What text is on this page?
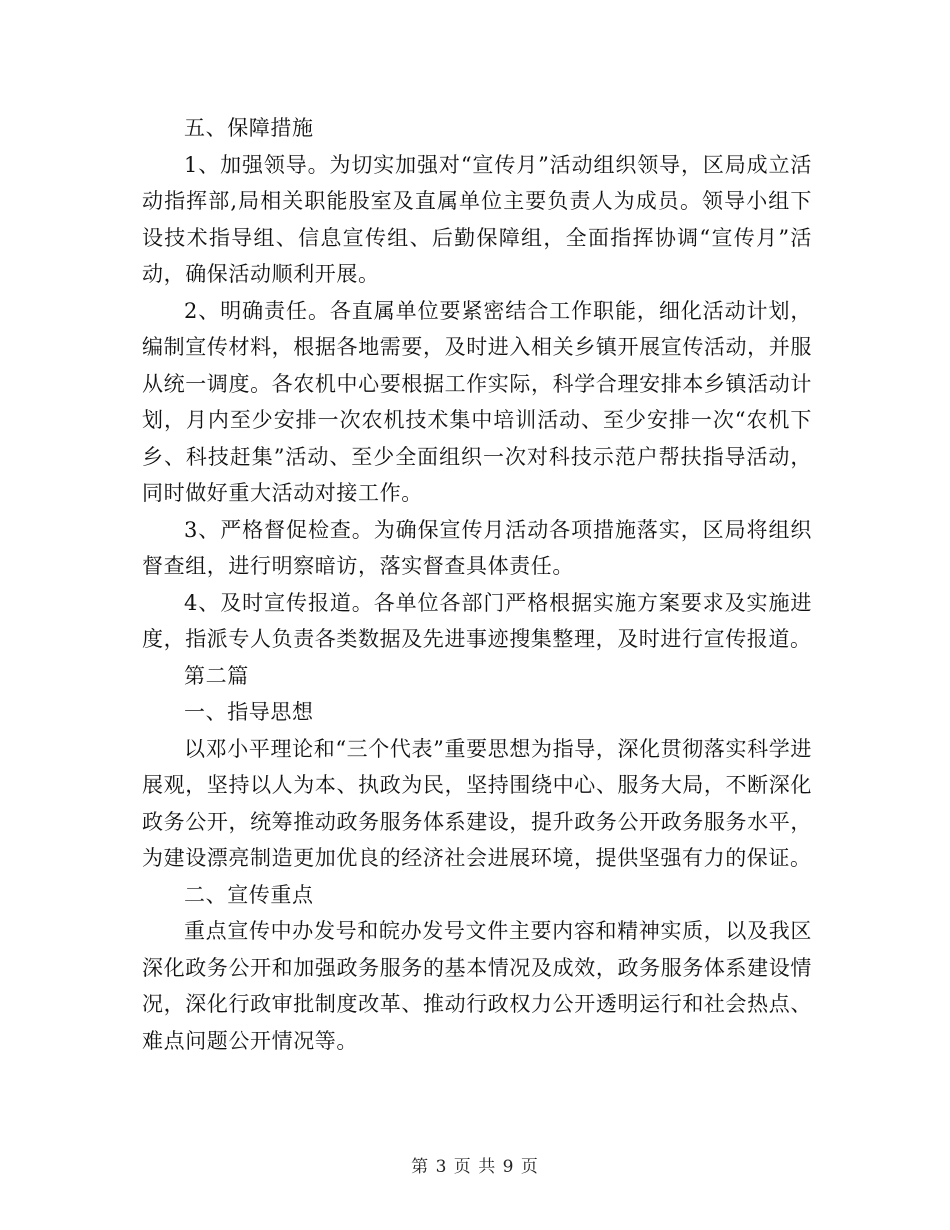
五、保障措施

1、加强领导。为切实加强对“宣传月”活动组织领导，区局成立活动指挥部,局相关职能股室及直属单位主要负责人为成员。领导小组下设技术指导组、信息宣传组、后勤保障组，全面指挥协调“宣传月”活动，确保活动顺利开展。

2、明确责任。各直属单位要紧密结合工作职能，细化活动计划，编制宣传材料，根据各地需要，及时进入相关乡镇开展宣传活动，并服从统一调度。各农机中心要根据工作实际，科学合理安排本乡镇活动计划，月内至少安排一次农机技术集中培训活动、至少安排一次“农机下乡、科技赶集”活动、至少全面组织一次对科技示范户帮扶指导活动，同时做好重大活动对接工作。

3、严格督促检查。为确保宣传月活动各项措施落实，区局将组织督查组，进行明察暗访，落实督查具体责任。

4、及时宣传报道。各单位各部门严格根据实施方案要求及实施进度，指派专人负责各类数据及先进事迹搜集整理，及时进行宣传报道。

第二篇

一、指导思想

以邓小平理论和“三个代表”重要思想为指导，深化贯彻落实科学进展观，坚持以人为本、执政为民，坚持围绕中心、服务大局，不断深化政务公开，统筹推动政务服务体系建设，提升政务公开政务服务水平，为建设漂亮制造更加优良的经济社会进展环境，提供坚强有力的保证。

二、宣传重点

重点宣传中办发号和皖办发号文件主要内容和精神实质，以及我区深化政务公开和加强政务服务的基本情况及成效，政务服务体系建设情况，深化行政审批制度改革、推动行政权力公开透明运行和社会热点、难点问题公开情况等。

第 3 页 共 9 页
